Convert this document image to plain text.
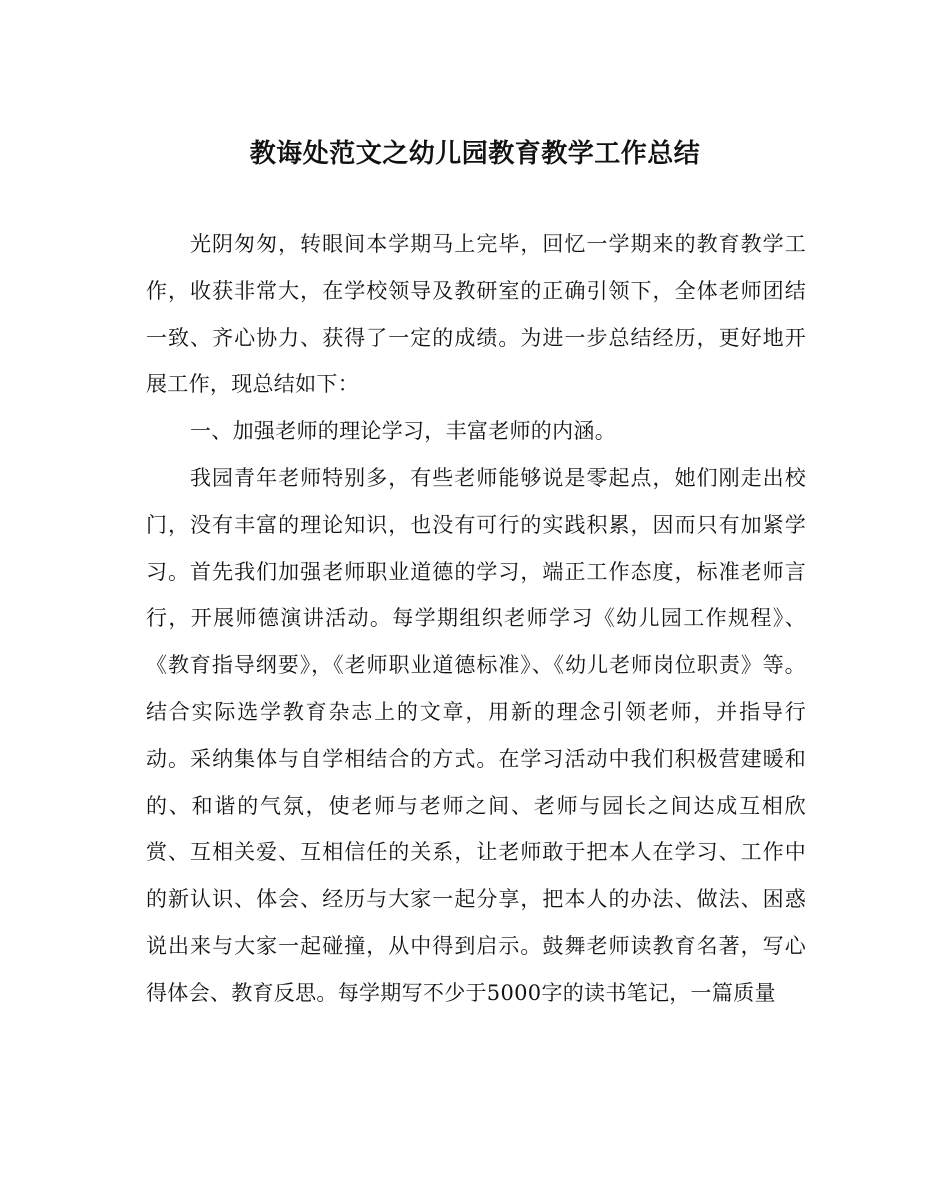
教诲处范文之幼儿园教育教学工作总结

光阴匆匆，转眼间本学期马上完毕，回忆一学期来的教育教学工作，收获非常大，在学校领导及教研室的正确引领下，全体老师团结一致、齐心协力、获得了一定的成绩。为进一步总结经历，更好地开展工作，现总结如下：

一、加强老师的理论学习，丰富老师的内涵。

我园青年老师特别多，有些老师能够说是零起点，她们刚走出校门，没有丰富的理论知识，也没有可行的实践积累，因而只有加紧学习。首先我们加强老师职业道德的学习，端正工作态度，标准老师言行，开展师德演讲活动。每学期组织老师学习《幼儿园工作规程》、《教育指导纲要》，《老师职业道德标准》、《幼儿老师岗位职责》等。结合实际选学教育杂志上的文章，用新的理念引领老师，并指导行动。采纳集体与自学相结合的方式。在学习活动中我们积极营建暖和的、和谐的气氛，使老师与老师之间、老师与园长之间达成互相欣赏、互相关爱、互相信任的关系，让老师敢于把本人在学习、工作中的新认识、体会、经历与大家一起分享，把本人的办法、做法、困惑说出来与大家一起碰撞，从中得到启示。鼓舞老师读教育名著，写心得体会、教育反思。每学期写不少于5000字的读书笔记，一篇质量
